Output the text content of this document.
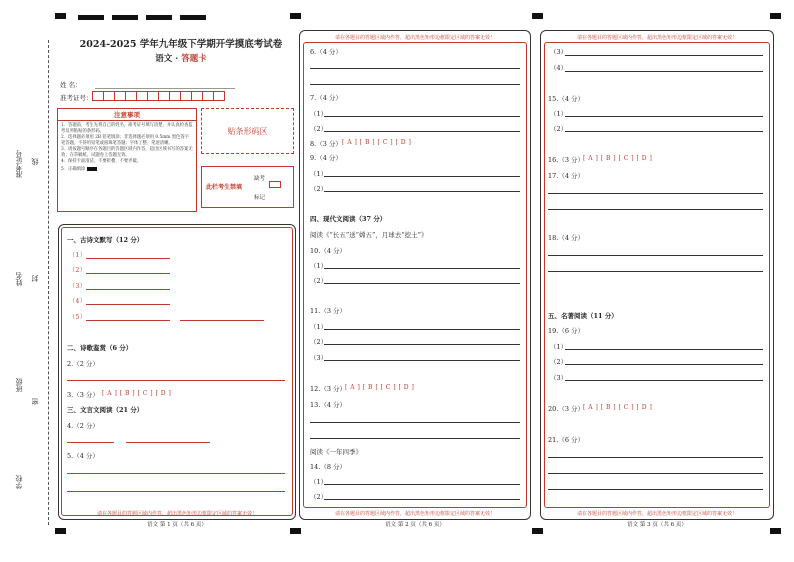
准考证号 线
姓名 封
班级
密
学校
2024-2025 学年九年级下学期开学摸底考试卷
语文 · 答题卡
姓 名：
准考证号：
注意事项
1．答题前，考生先将自己的姓名，准考证号填写清楚，并认真检查监考员所粘贴的条形码。
2．选择题必须用 2B 铅笔填涂；非选择题必须用 0.5mm 黑色签字笔答题，不得用铅笔或圆珠笔答题；字体工整、笔迹清晰。
3．请按题号顺序在各题目的答题区域内作答，超出区域书写的答案无效；在草稿纸、试题卷上答题无效。
4．保持卡面清洁，不要折叠、不要弄破。
5．正确填涂
贴条形码区
此栏考生禁填
缺考
标记
一、古诗文默写（12 分）
（1）
（2）
（3）
（4）
（5）
二、诗歌鉴赏（6 分）
2.（2 分）
3.（3 分） [ A ] [ B ] [ C ] [ D ]
三、文言文阅读（21 分）
4.（2 分）
5.（4 分）
请在各题目的答题区域内作答，超出黑色矩形边框限定区域的答案无效！
语文 第 1 页（共 6 页）
请在各题目的答题区域内作答，超出黑色矩形边框限定区域的答案无效！
6.（4 分）
7.（4 分）
（1）
（2）
8.（3 分） [ A ] [ B ] [ C ] [ D ]
9.（4 分）
（1）
（2）
四、现代文阅读（37 分）
阅读《“长五”送“嫦五”，月球去“挖土”》
10.（4 分）
（1）
（2）
11.（3 分）
（1）
（2）
（3）
12.（3 分）
[ A ] [ B ] [ C ] [ D ]
13.（4 分）
阅读《一年四季》
14.（8 分）
（1）
（2）
请在各题目的答题区域内作答，超出黑色矩形边框限定区域的答案无效！
语文 第 2 页（共 6 页）
请在各题目的答题区域内作答，超出黑色矩形边框限定区域的答案无效！
（3）
（4）
15.（4 分）
（1）
（2）
16.（3 分）
[ A ] [ B ] [ C ] [ D ]
17.（4 分）
18.（4 分）
五、名著阅读（11 分）
19.（6 分）
（1）
（2）
（3）
20.（3 分）
[ A ] [ B ] [ C ] [ D ]
21.（6 分）
请在各题目的答题区域内作答，超出黑色矩形边框限定区域的答案无效！
语文 第 3 页（共 6 页）
